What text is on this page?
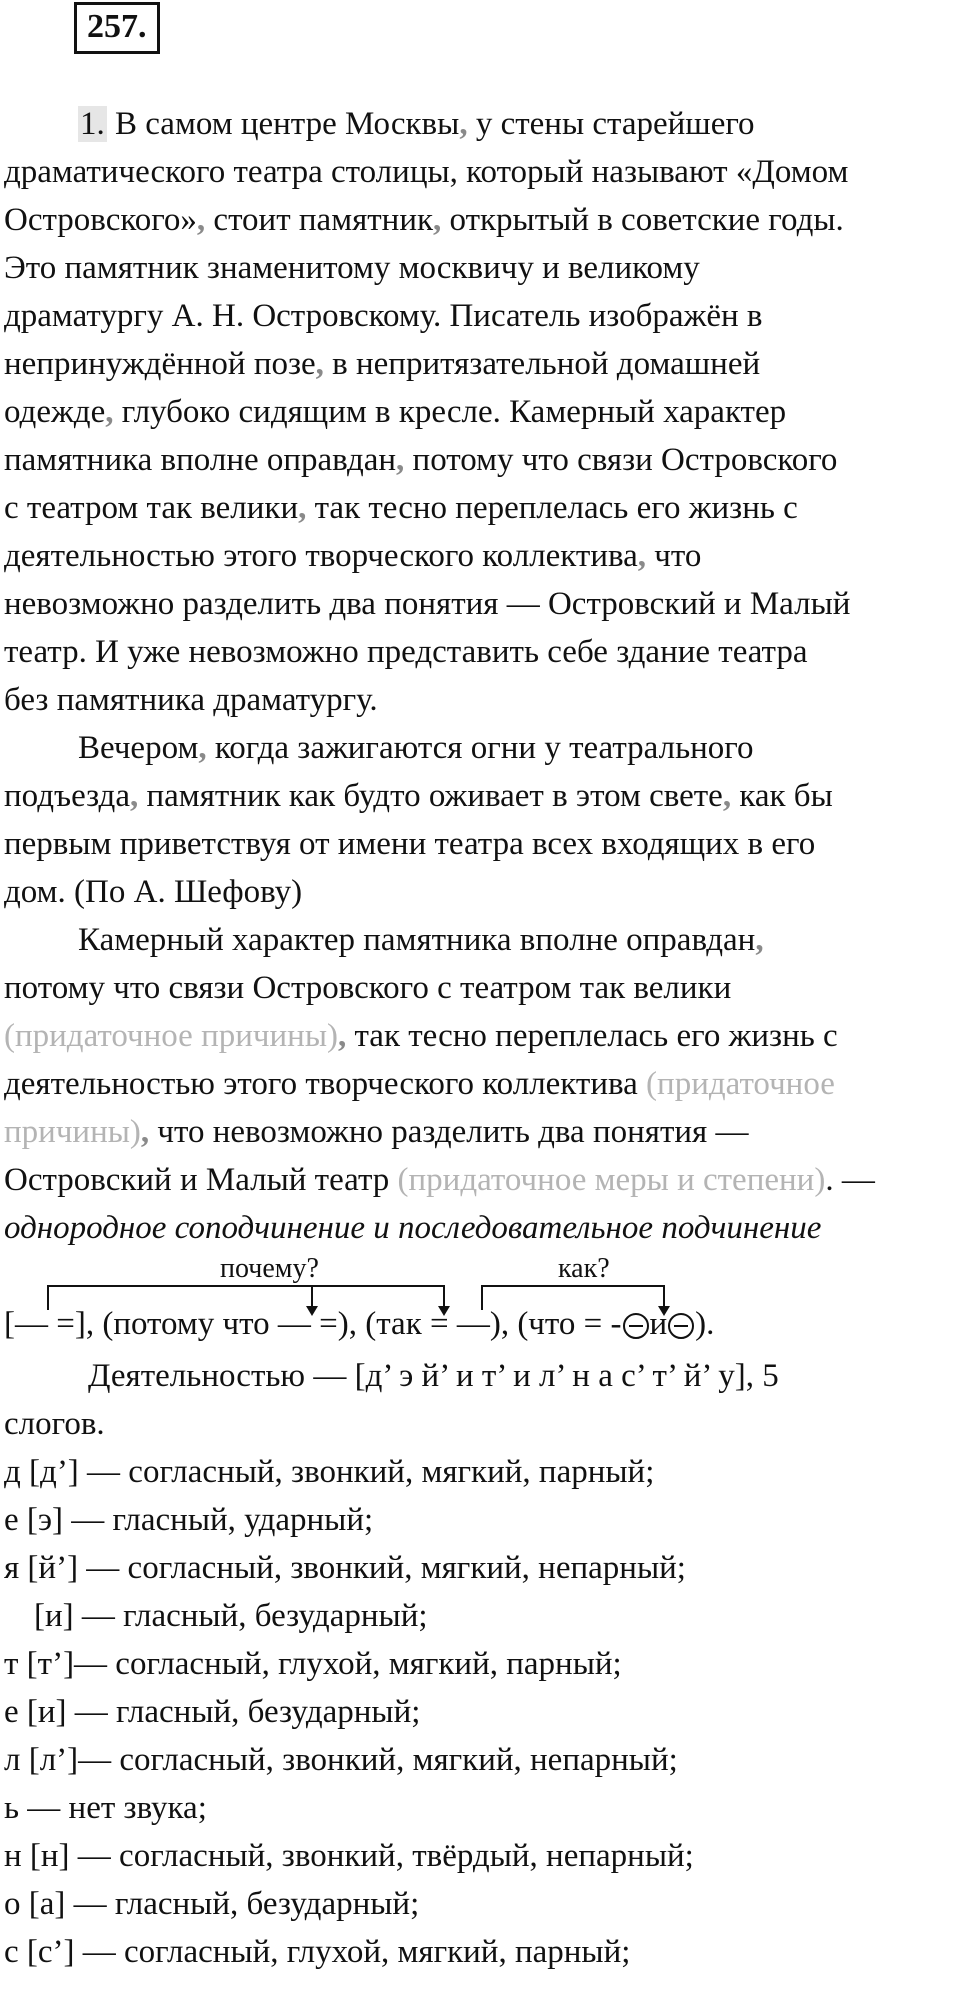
257.
1. В самом центре Москвы, у стены старейшего
драматического театра столицы, который называют «Домом
Островского», стоит памятник, открытый в советские годы.
Это памятник знаменитому москвичу и великому
драматургу А. Н. Островскому. Писатель изображён в
непринуждённой позе, в непритязательной домашней
одежде, глубоко сидящим в кресле. Камерный характер
памятника вполне оправдан, потому что связи Островского
с театром так велики, так тесно переплелась его жизнь с
деятельностью этого творческого коллектива, что
невозможно разделить два понятия — Островский и Малый
театр. И уже невозможно представить себе здание театра
без памятника драматургу.
Вечером, когда зажигаются огни у театрального
подъезда, памятник как будто оживает в этом свете, как бы
первым приветствуя от имени театра всех входящих в его
дом. (По А. Шефову)
Камерный характер памятника вполне оправдан,
потому что связи Островского с театром так велики
(придаточное причины), так тесно переплелась его жизнь с
деятельностью этого творческого коллектива (придаточное
причины), что невозможно разделить два понятия —
Островский и Малый театр (придаточное меры и степени). —
однородное соподчинение и последовательное подчинение
почему?	как?
[— =], (потому что — =), (так = —), (что = - и ).
Деятельностью — [д’ э й’ и т’ и л’ н а с’ т’ й’ у], 5
слогов.
д [д’] — согласный, звонкий, мягкий, парный;
е [э] — гласный, ударный;
я [й’] — согласный, звонкий, мягкий, непарный;
[и] — гласный, безударный;
т [т’]— согласный, глухой, мягкий, парный;
е [и] — гласный, безударный;
л [л’]— согласный, звонкий, мягкий, непарный;
ь — нет звука;
н [н] — согласный, звонкий, твёрдый, непарный;
о [а] — гласный, безударный;
с [с’] — согласный, глухой, мягкий, парный;
